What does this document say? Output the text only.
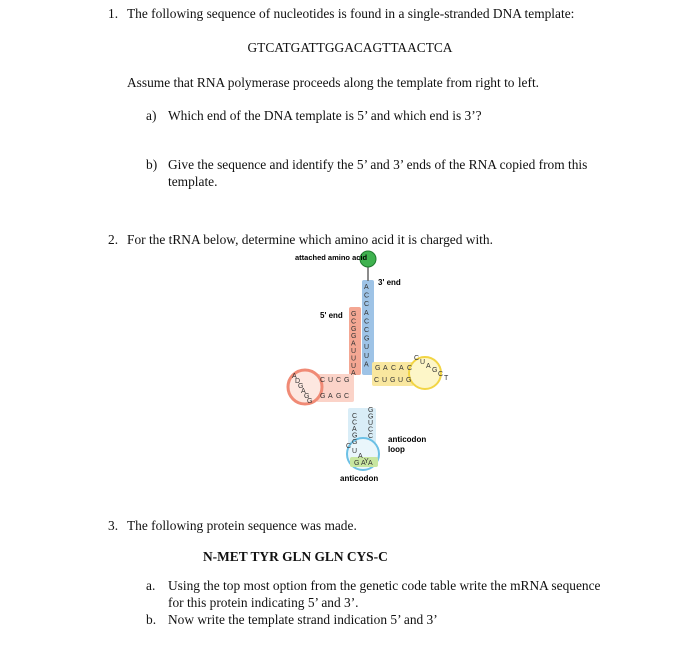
1. The following sequence of nucleotides is found in a single-stranded DNA template:
GTCATGATTGGACAGTTAACTCA
Assume that RNA polymerase proceeds along the template from right to left.
a) Which end of the DNA template is 5’ and which end is 3’?
b) Give the sequence and identify the 5’ and 3’ ends of the RNA copied from this template.
2. For the tRNA below, determine which amino acid it is charged with.
attached amino acid
3' end
5' end
A C C A C C G U U A
G C G G A U U U A
G A C A C
C U G U G
CUAGCT
C U C G
G A G C
A D G A G G
C C A G G
G G U C C
CUAY
G A A
anticodon
loop
anticodon
3. The following protein sequence was made.
N-MET TYR GLN GLN CYS-C
a. Using the top most option from the genetic code table write the mRNA sequence for this protein indicating 5’ and 3’.
b. Now write the template strand indication 5’ and 3’
